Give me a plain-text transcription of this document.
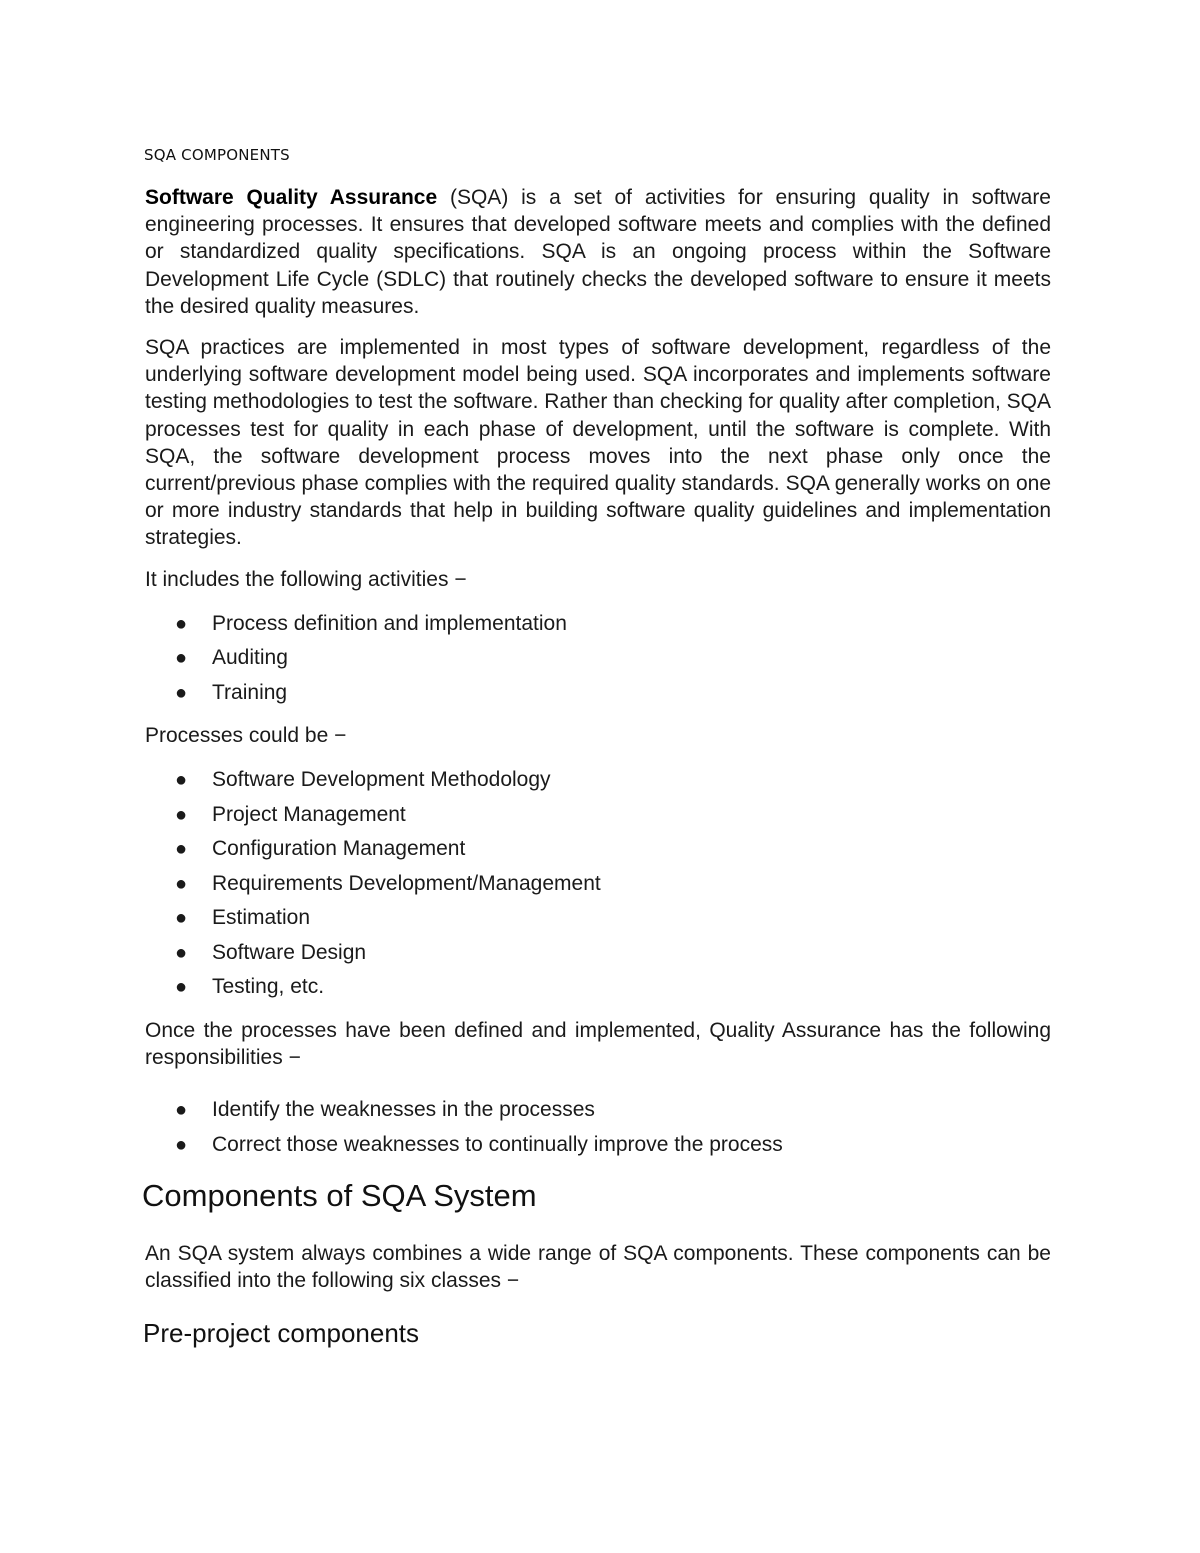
SQA COMPONENTS

Software Quality Assurance (SQA) is a set of activities for ensuring quality in software engineering processes. It ensures that developed software meets and complies with the defined or standardized quality specifications. SQA is an ongoing process within the Software Development Life Cycle (SDLC) that routinely checks the developed software to ensure it meets the desired quality measures.

SQA practices are implemented in most types of software development, regardless of the underlying software development model being used. SQA incorporates and implements software testing methodologies to test the software. Rather than checking for quality after completion, SQA processes test for quality in each phase of development, until the software is complete. With SQA, the software development process moves into the next phase only once the current/previous phase complies with the required quality standards. SQA generally works on one or more industry standards that help in building software quality guidelines and implementation strategies.

It includes the following activities −

● Process definition and implementation
● Auditing
● Training

Processes could be −

● Software Development Methodology
● Project Management
● Configuration Management
● Requirements Development/Management
● Estimation
● Software Design
● Testing, etc.

Once the processes have been defined and implemented, Quality Assurance has the following responsibilities −

● Identify the weaknesses in the processes
● Correct those weaknesses to continually improve the process
Components of SQA System

An SQA system always combines a wide range of SQA components. These components can be classified into the following six classes −

Pre-project components
